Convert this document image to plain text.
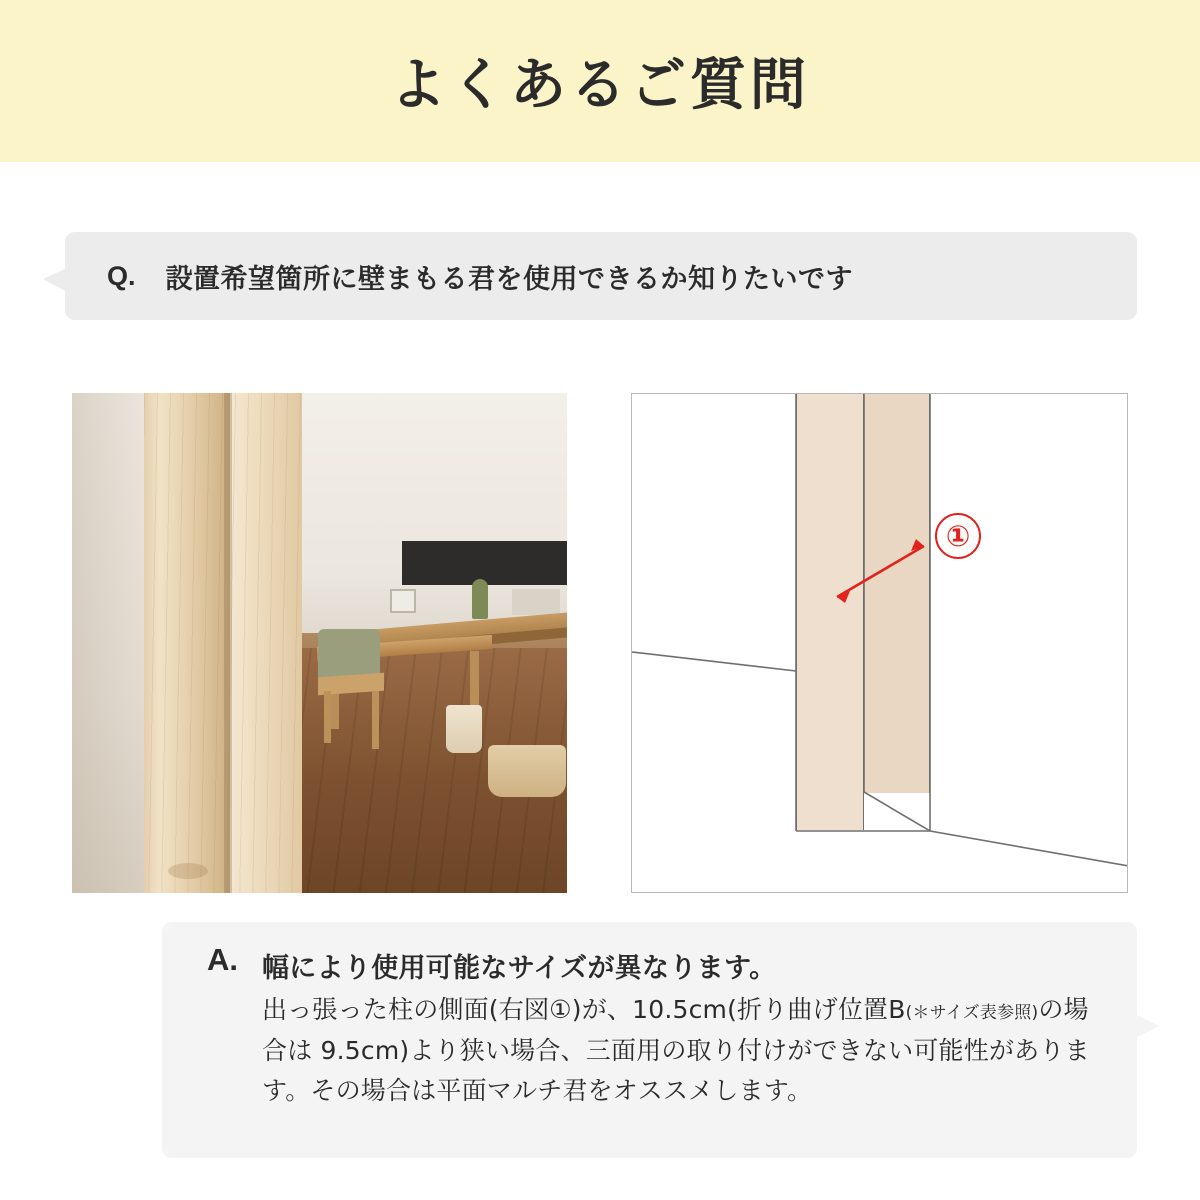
よくあるご質問
Q. 設置希望箇所に壁まもる君を使用できるか知りたいです
①
A. 幅により使用可能なサイズが異なります。
出っ張った柱の側面(右図①)が、10.5cm(折り曲げ位置B(＊サイズ表参照)の場合は 9.5cm)より狭い場合、三面用の取り付けができない可能性があります。その場合は平面マルチ君をオススメします。
